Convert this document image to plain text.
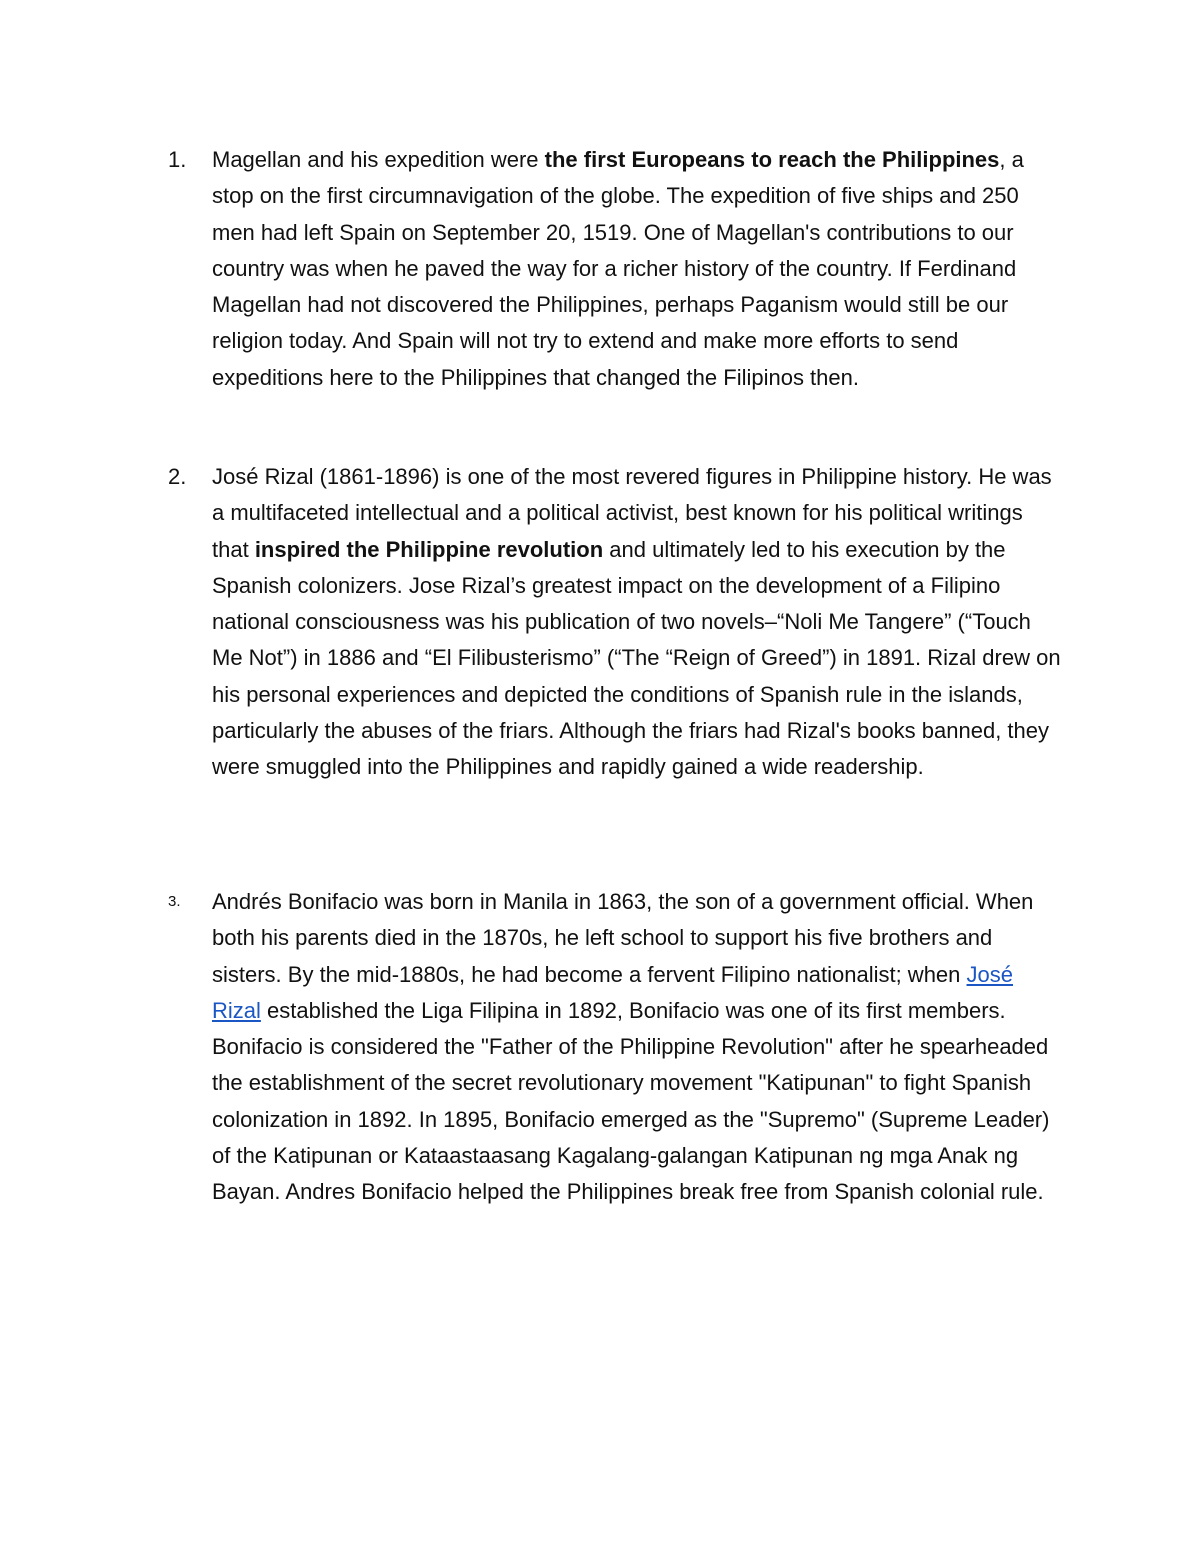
1.	Magellan and his expedition were the first Europeans to reach the Philippines, a stop on the first circumnavigation of the globe. The expedition of five ships and 250 men had left Spain on September 20, 1519. One of Magellan's contributions to our country was when he paved the way for a richer history of the country. If Ferdinand Magellan had not discovered the Philippines, perhaps Paganism would still be our religion today. And Spain will not try to extend and make more efforts to send expeditions here to the Philippines that changed the Filipinos then.
2.	José Rizal (1861-1896) is one of the most revered figures in Philippine history. He was a multifaceted intellectual and a political activist, best known for his political writings that inspired the Philippine revolution and ultimately led to his execution by the Spanish colonizers. Jose Rizal’s greatest impact on the development of a Filipino national consciousness was his publication of two novels–“Noli Me Tangere” (“Touch Me Not”) in 1886 and “El Filibusterismo” (“The “Reign of Greed”) in 1891. Rizal drew on his personal experiences and depicted the conditions of Spanish rule in the islands, particularly the abuses of the friars. Although the friars had Rizal's books banned, they were smuggled into the Philippines and rapidly gained a wide readership.
3.	Andrés Bonifacio was born in Manila in 1863, the son of a government official. When both his parents died in the 1870s, he left school to support his five brothers and sisters. By the mid-1880s, he had become a fervent Filipino nationalist; when José Rizal established the Liga Filipina in 1892, Bonifacio was one of its first members. Bonifacio is considered the "Father of the Philippine Revolution" after he spearheaded the establishment of the secret revolutionary movement "Katipunan" to fight Spanish colonization in 1892. In 1895, Bonifacio emerged as the "Supremo" (Supreme Leader) of the Katipunan or Kataastaasang Kagalang-galangan Katipunan ng mga Anak ng Bayan. Andres Bonifacio helped the Philippines break free from Spanish colonial rule.
